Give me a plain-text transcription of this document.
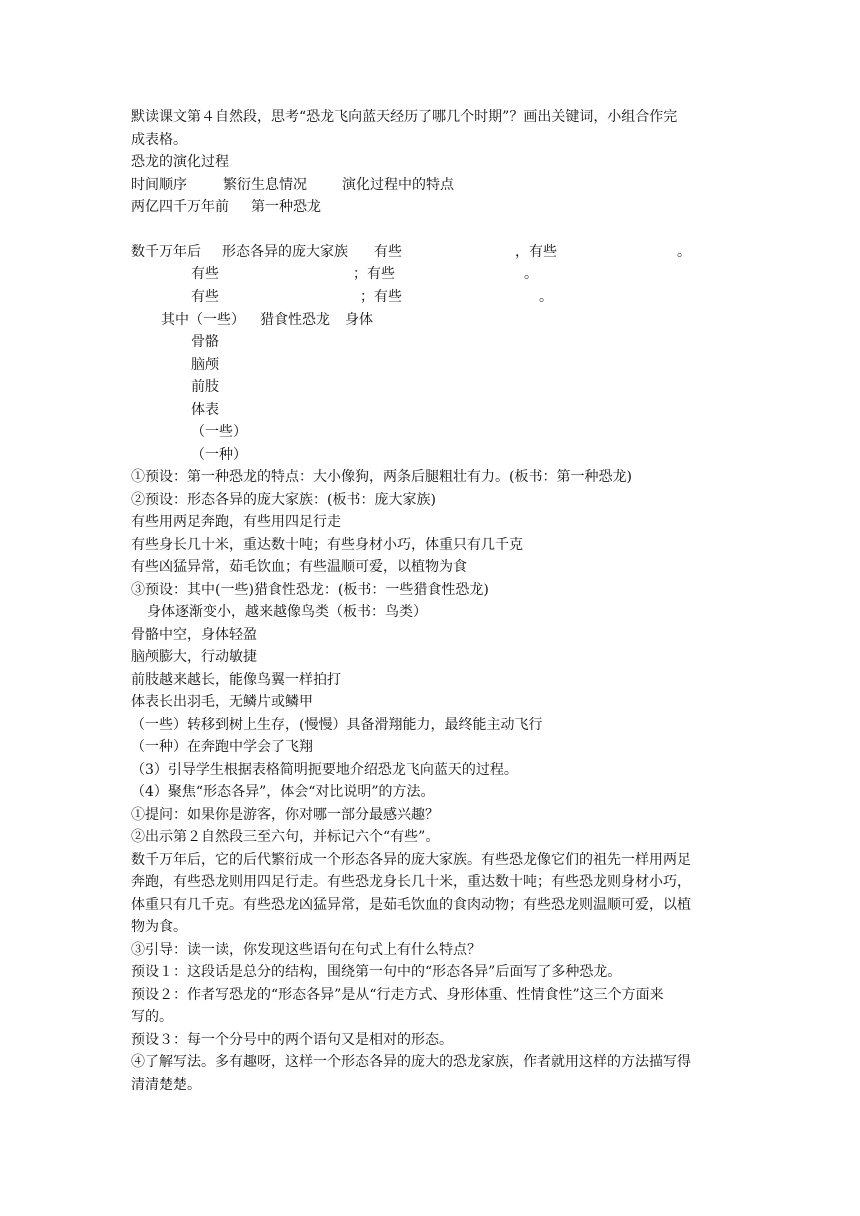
默读课文第４自然段，思考“恐龙飞向蓝天经历了哪几个时期”？画出关键词，小组合作完
成表格。
恐龙的演化过程
时间顺序	繁衍生息情况	演化过程中的特点
两亿四千万年前 第一种恐龙
数千万年后 形态各异的庞大家族 有些	，有些	。
有些	；有些	。
有些	；有些	。
其中（一些） 猎食性恐龙 身体
骨骼
脑颅
前肢
体表
（一些）
（一种）
①预设：第一种恐龙的特点：大小像狗，两条后腿粗壮有力。(板书：第一种恐龙)
②预设：形态各异的庞大家族：(板书：庞大家族)
有些用两足奔跑，有些用四足行走
有些身长几十米，重达数十吨；有些身材小巧，体重只有几千克
有些凶猛异常，茹毛饮血；有些温顺可爱，以植物为食
③预设：其中(一些)猎食性恐龙：(板书：一些猎食性恐龙)
身体逐渐变小，越来越像鸟类（板书：鸟类）
骨骼中空，身体轻盈
脑颅膨大，行动敏捷
前肢越来越长，能像鸟翼一样拍打
体表长出羽毛，无鳞片或鳞甲
（一些）转移到树上生存，(慢慢）具备滑翔能力，最终能主动飞行
（一种）在奔跑中学会了飞翔
（3）引导学生根据表格简明扼要地介绍恐龙飞向蓝天的过程。
（4）聚焦“形态各异”，体会“对比说明”的方法。
①提问：如果你是游客，你对哪一部分最感兴趣？
②出示第２自然段三至六句，并标记六个“有些”。
数千万年后，它的后代繁衍成一个形态各异的庞大家族。有些恐龙像它们的祖先一样用两足
奔跑，有些恐龙则用四足行走。有些恐龙身长几十米，重达数十吨；有些恐龙则身材小巧，
体重只有几千克。有些恐龙凶猛异常，是茹毛饮血的食肉动物；有些恐龙则温顺可爱，以植
物为食。
③引导：读一读，你发现这些语句在句式上有什么特点？
预设１：这段话是总分的结构，围绕第一句中的“形态各异”后面写了多种恐龙。
预设２：作者写恐龙的“形态各异”是从“行走方式、身形体重、性情食性”这三个方面来
写的。
预设３：每一个分号中的两个语句又是相对的形态。
④了解写法。多有趣呀，这样一个形态各异的庞大的恐龙家族，作者就用这样的方法描写得
清清楚楚。
